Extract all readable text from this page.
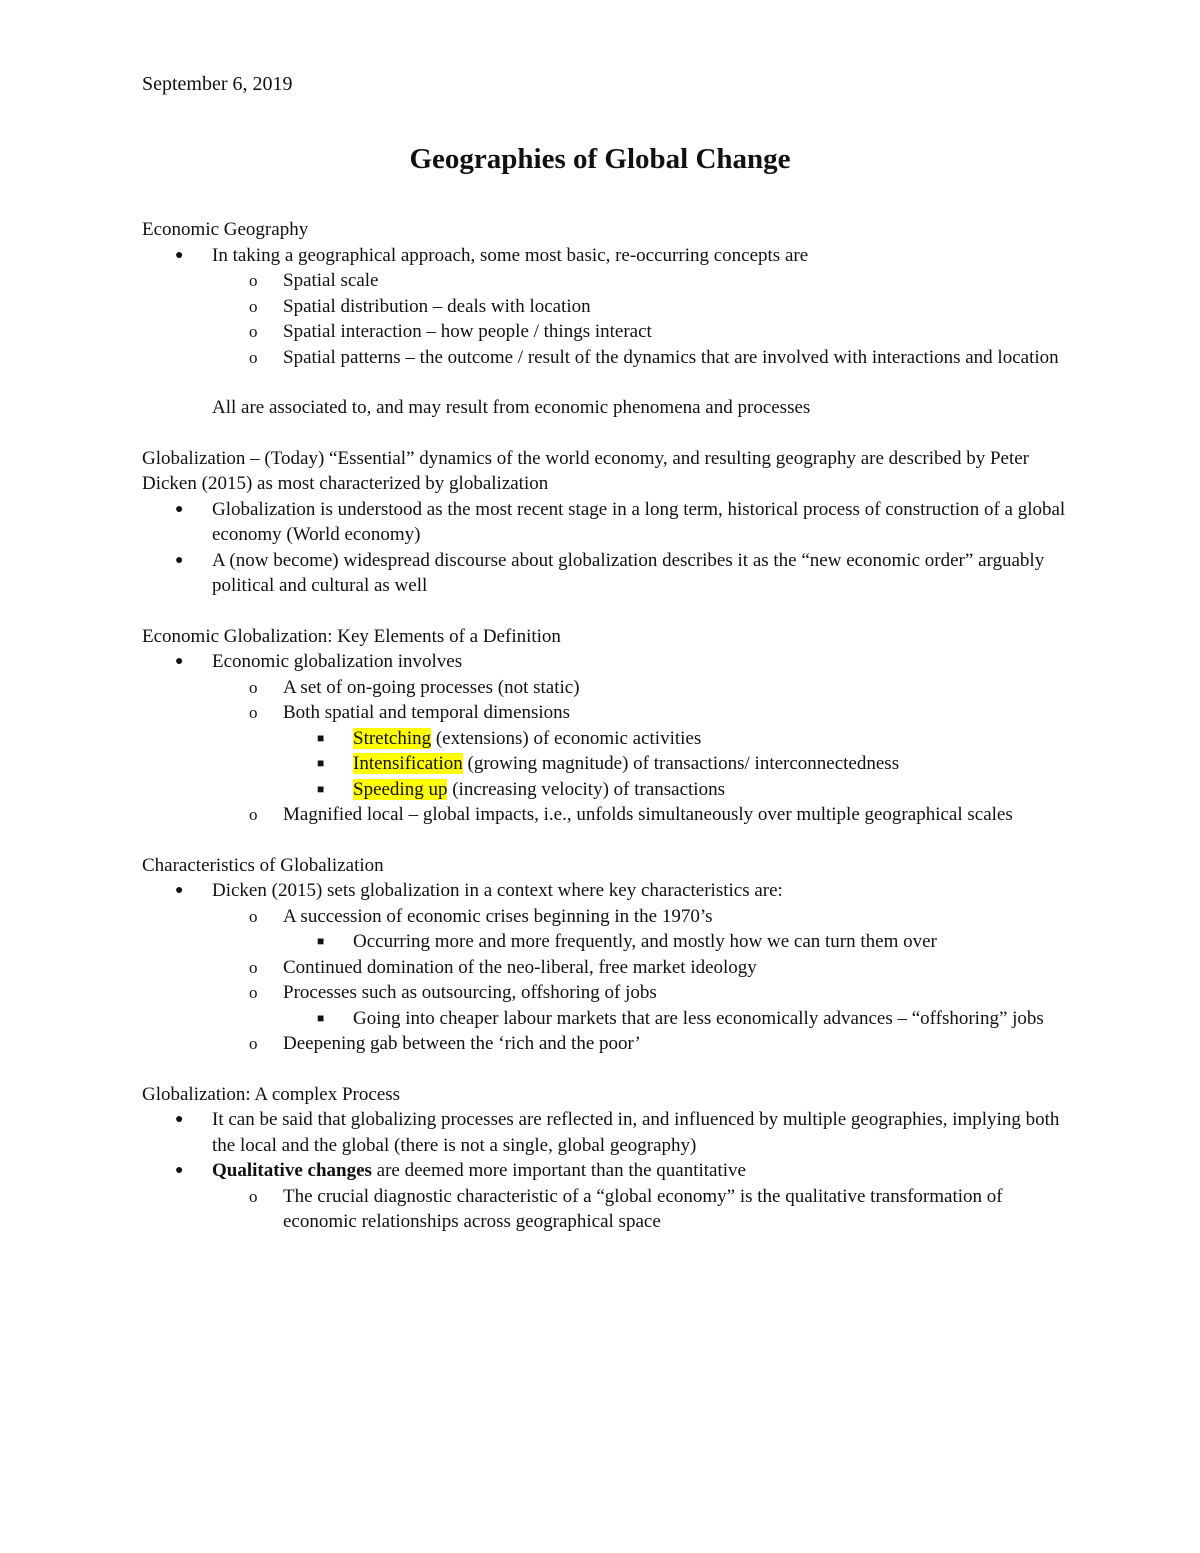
September 6, 2019
Geographies of Global Change
Economic Geography
● In taking a geographical approach, some most basic, re-occurring concepts are
o Spatial scale
o Spatial distribution – deals with location
o Spatial interaction – how people / things interact
o Spatial patterns – the outcome / result of the dynamics that are involved with interactions and location
All are associated to, and may result from economic phenomena and processes
Globalization – (Today) “Essential” dynamics of the world economy, and resulting geography are described by Peter Dicken (2015) as most characterized by globalization
● Globalization is understood as the most recent stage in a long term, historical process of construction of a global economy (World economy)
● A (now become) widespread discourse about globalization describes it as the “new economic order” arguably political and cultural as well
Economic Globalization: Key Elements of a Definition
● Economic globalization involves
o A set of on-going processes (not static)
o Both spatial and temporal dimensions
■ Stretching (extensions) of economic activities
■ Intensification (growing magnitude) of transactions/ interconnectedness
■ Speeding up (increasing velocity) of transactions
o Magnified local – global impacts, i.e., unfolds simultaneously over multiple geographical scales
Characteristics of Globalization
● Dicken (2015) sets globalization in a context where key characteristics are:
o A succession of economic crises beginning in the 1970’s
■ Occurring more and more frequently, and mostly how we can turn them over
o Continued domination of the neo-liberal, free market ideology
o Processes such as outsourcing, offshoring of jobs
■ Going into cheaper labour markets that are less economically advances – “offshoring” jobs
o Deepening gab between the ‘rich and the poor’
Globalization: A complex Process
● It can be said that globalizing processes are reflected in, and influenced by multiple geographies, implying both the local and the global (there is not a single, global geography)
● Qualitative changes are deemed more important than the quantitative
o The crucial diagnostic characteristic of a “global economy” is the qualitative transformation of economic relationships across geographical space
